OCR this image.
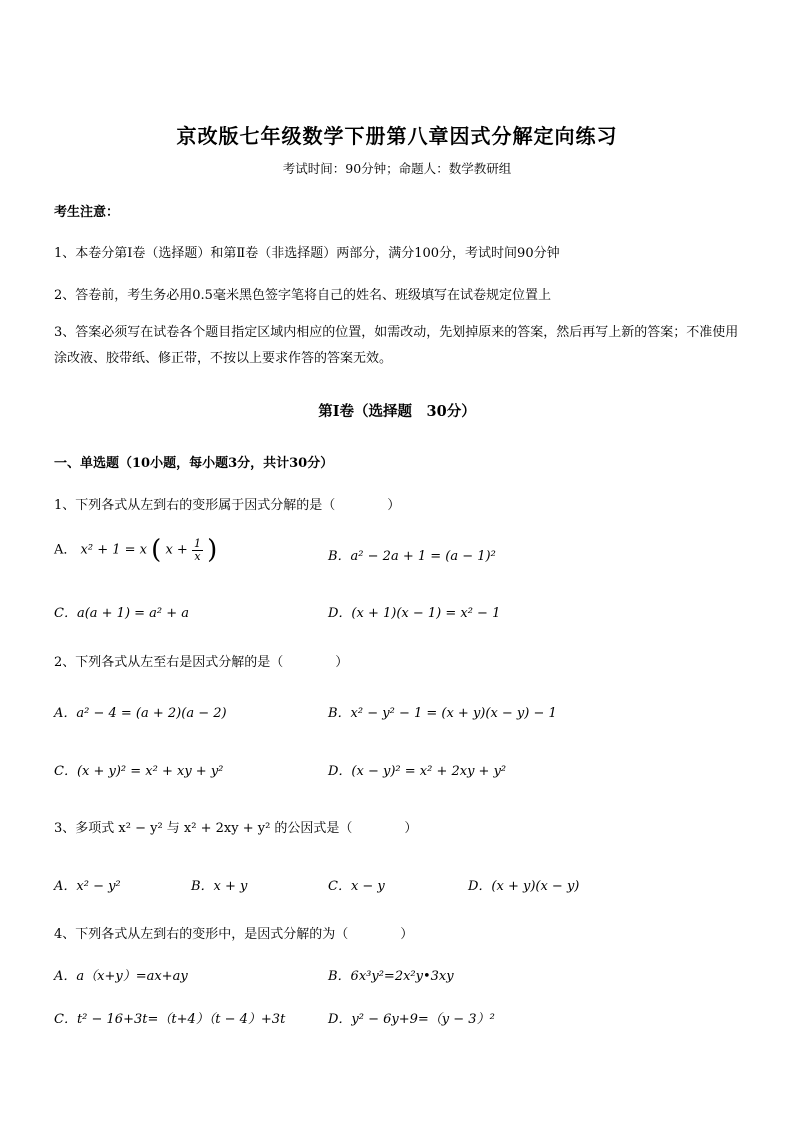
京改版七年级数学下册第八章因式分解定向练习
考试时间：90分钟；命题人：数学教研组
考生注意：
1、本卷分第Ⅰ卷（选择题）和第Ⅱ卷（非选择题）两部分，满分100分，考试时间90分钟
2、答卷前，考生务必用0.5毫米黑色签字笔将自己的姓名、班级填写在试卷规定位置上
3、答案必须写在试卷各个题目指定区域内相应的位置，如需改动，先划掉原来的答案，然后再写上新的答案；不准使用涂改液、胶带纸、修正带，不按以上要求作答的答案无效。
第Ⅰ卷（选择题　30分）
一、单选题（10小题，每小题3分，共计30分）
1、下列各式从左到右的变形属于因式分解的是（　　　　）
A． x² + 1 = x ( $x + \frac{1}{x}$ )	B．a² − 2a + 1 = (a − 1)²
C．a(a + 1) = a² + a	D．(x + 1)(x − 1) = x² − 1
2、下列各式从左至右是因式分解的是（　　　　）
A．a² − 4 = (a + 2)(a − 2)	B．x² − y² − 1 = (x + y)(x − y) − 1
C．(x + y)² = x² + xy + y²	D．(x − y)² = x² + 2xy + y²
3、多项式 x² − y² 与 x² + 2xy + y² 的公因式是（　　　　）
A．x² − y²	B．x + y	C．x − y	D．(x + y)(x − y)
4、下列各式从左到右的变形中，是因式分解的为（　　　　）
A．a（x+y）=ax+ay	B．6x³y²=2x²y•3xy
C．t² − 16+3t=（t+4）（t − 4）+3t	D．y² − 6y+9=（y − 3）²
